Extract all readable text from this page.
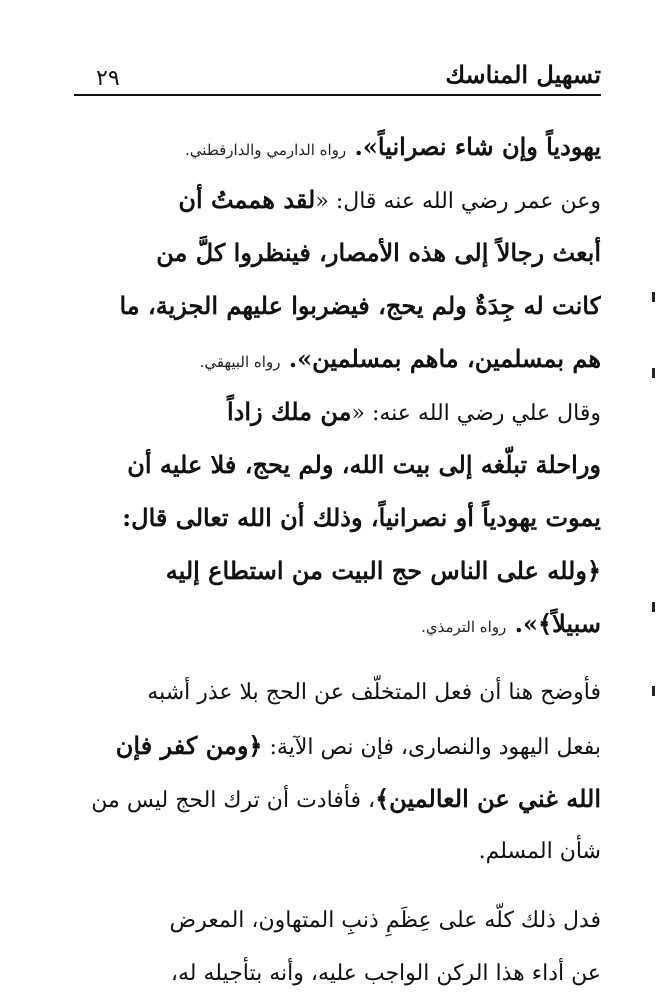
٢٩	تسهيل المناسك
يهودياً وإن شاء نصرانياً». رواه الدارمي والدارقطني.
وعن عمر رضي الله عنه قال: «لقد هممتُ أن
أبعث رجالاً إلى هذه الأمصار، فينظروا كلَّ من
كانت له جِدَةٌ ولم يحج، فيضربوا عليهم الجزية، ما
هم بمسلمين، ماهم بمسلمين». رواه البيهقي.
وقال علي رضي الله عنه: «من ملك زاداً
وراحلة تبلّغه إلى بيت الله، ولم يحج، فلا عليه أن
يموت يهودياً أو نصرانياً، وذلك أن الله تعالى قال:
﴿ولله على الناس حج البيت من استطاع إليه
سبيلاً﴾». رواه الترمذي.
فأوضح هنا أن فعل المتخلّف عن الحج بلا عذر أشبه
بفعل اليهود والنصارى، فإن نص الآية: ﴿ومن كفر فإن
الله غني عن العالمين﴾، فأفادت أن ترك الحج ليس من
شأن المسلم.
فدل ذلك كلّه على عِظَمِ ذنبِ المتهاون، المعرض
عن أداء هذا الركن الواجب عليه، وأنه بتأجيله له،
